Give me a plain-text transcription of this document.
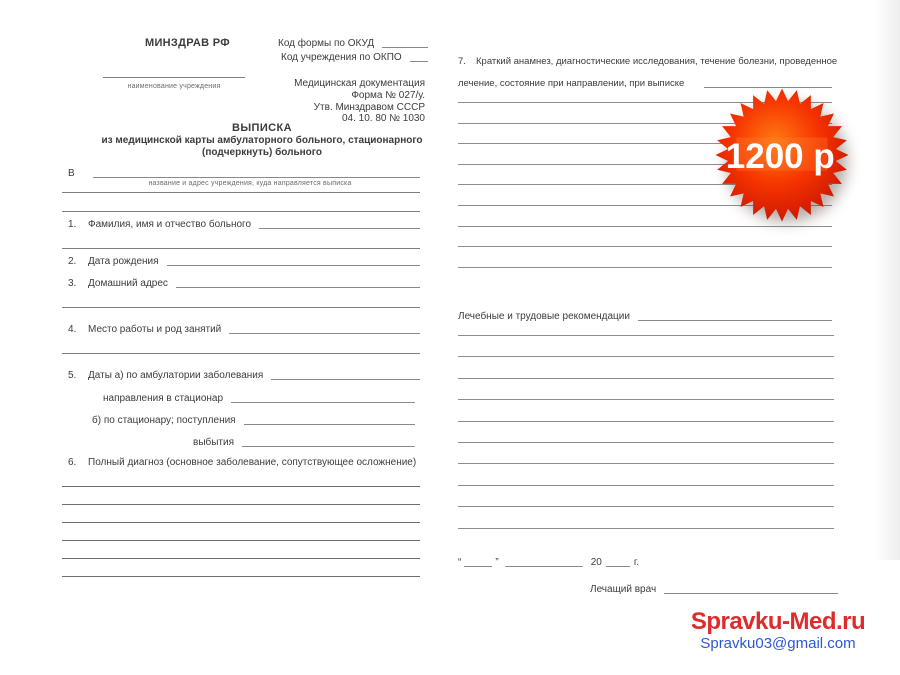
МИНЗДРАВ РФ	Код формы по ОКУД
Код учреждения по ОКПО
наименование учреждения	Медицинская документация
Форма № 027/у.
Утв. Минздравом СССР
04. 10. 80 № 1030
ВЫПИСКА
из медицинской карты амбулаторного больного, стационарного
(подчеркнуть) больного
В
название и адрес учреждения, куда направляется выписка
1.	Фамилия, имя и отчество больного
2.	Дата рождения
3.	Домашний адрес
4.	Место работы и род занятий
5.	Даты а) по амбулатории заболевания
направления в стационар
б) по стационару; поступления
выбытия
6.	Полный диагноз (основное заболевание, сопутствующее осложнение)
7.	Краткий анамнез, диагностические исследования, течение болезни, проведенное
лечение, состояние при направлении, при выписке
Лечебные и трудовые рекомендации
“	”	20	г.
Лечащий врач
1200 р
Spravku-Med.ru
Spravku03@gmail.com
